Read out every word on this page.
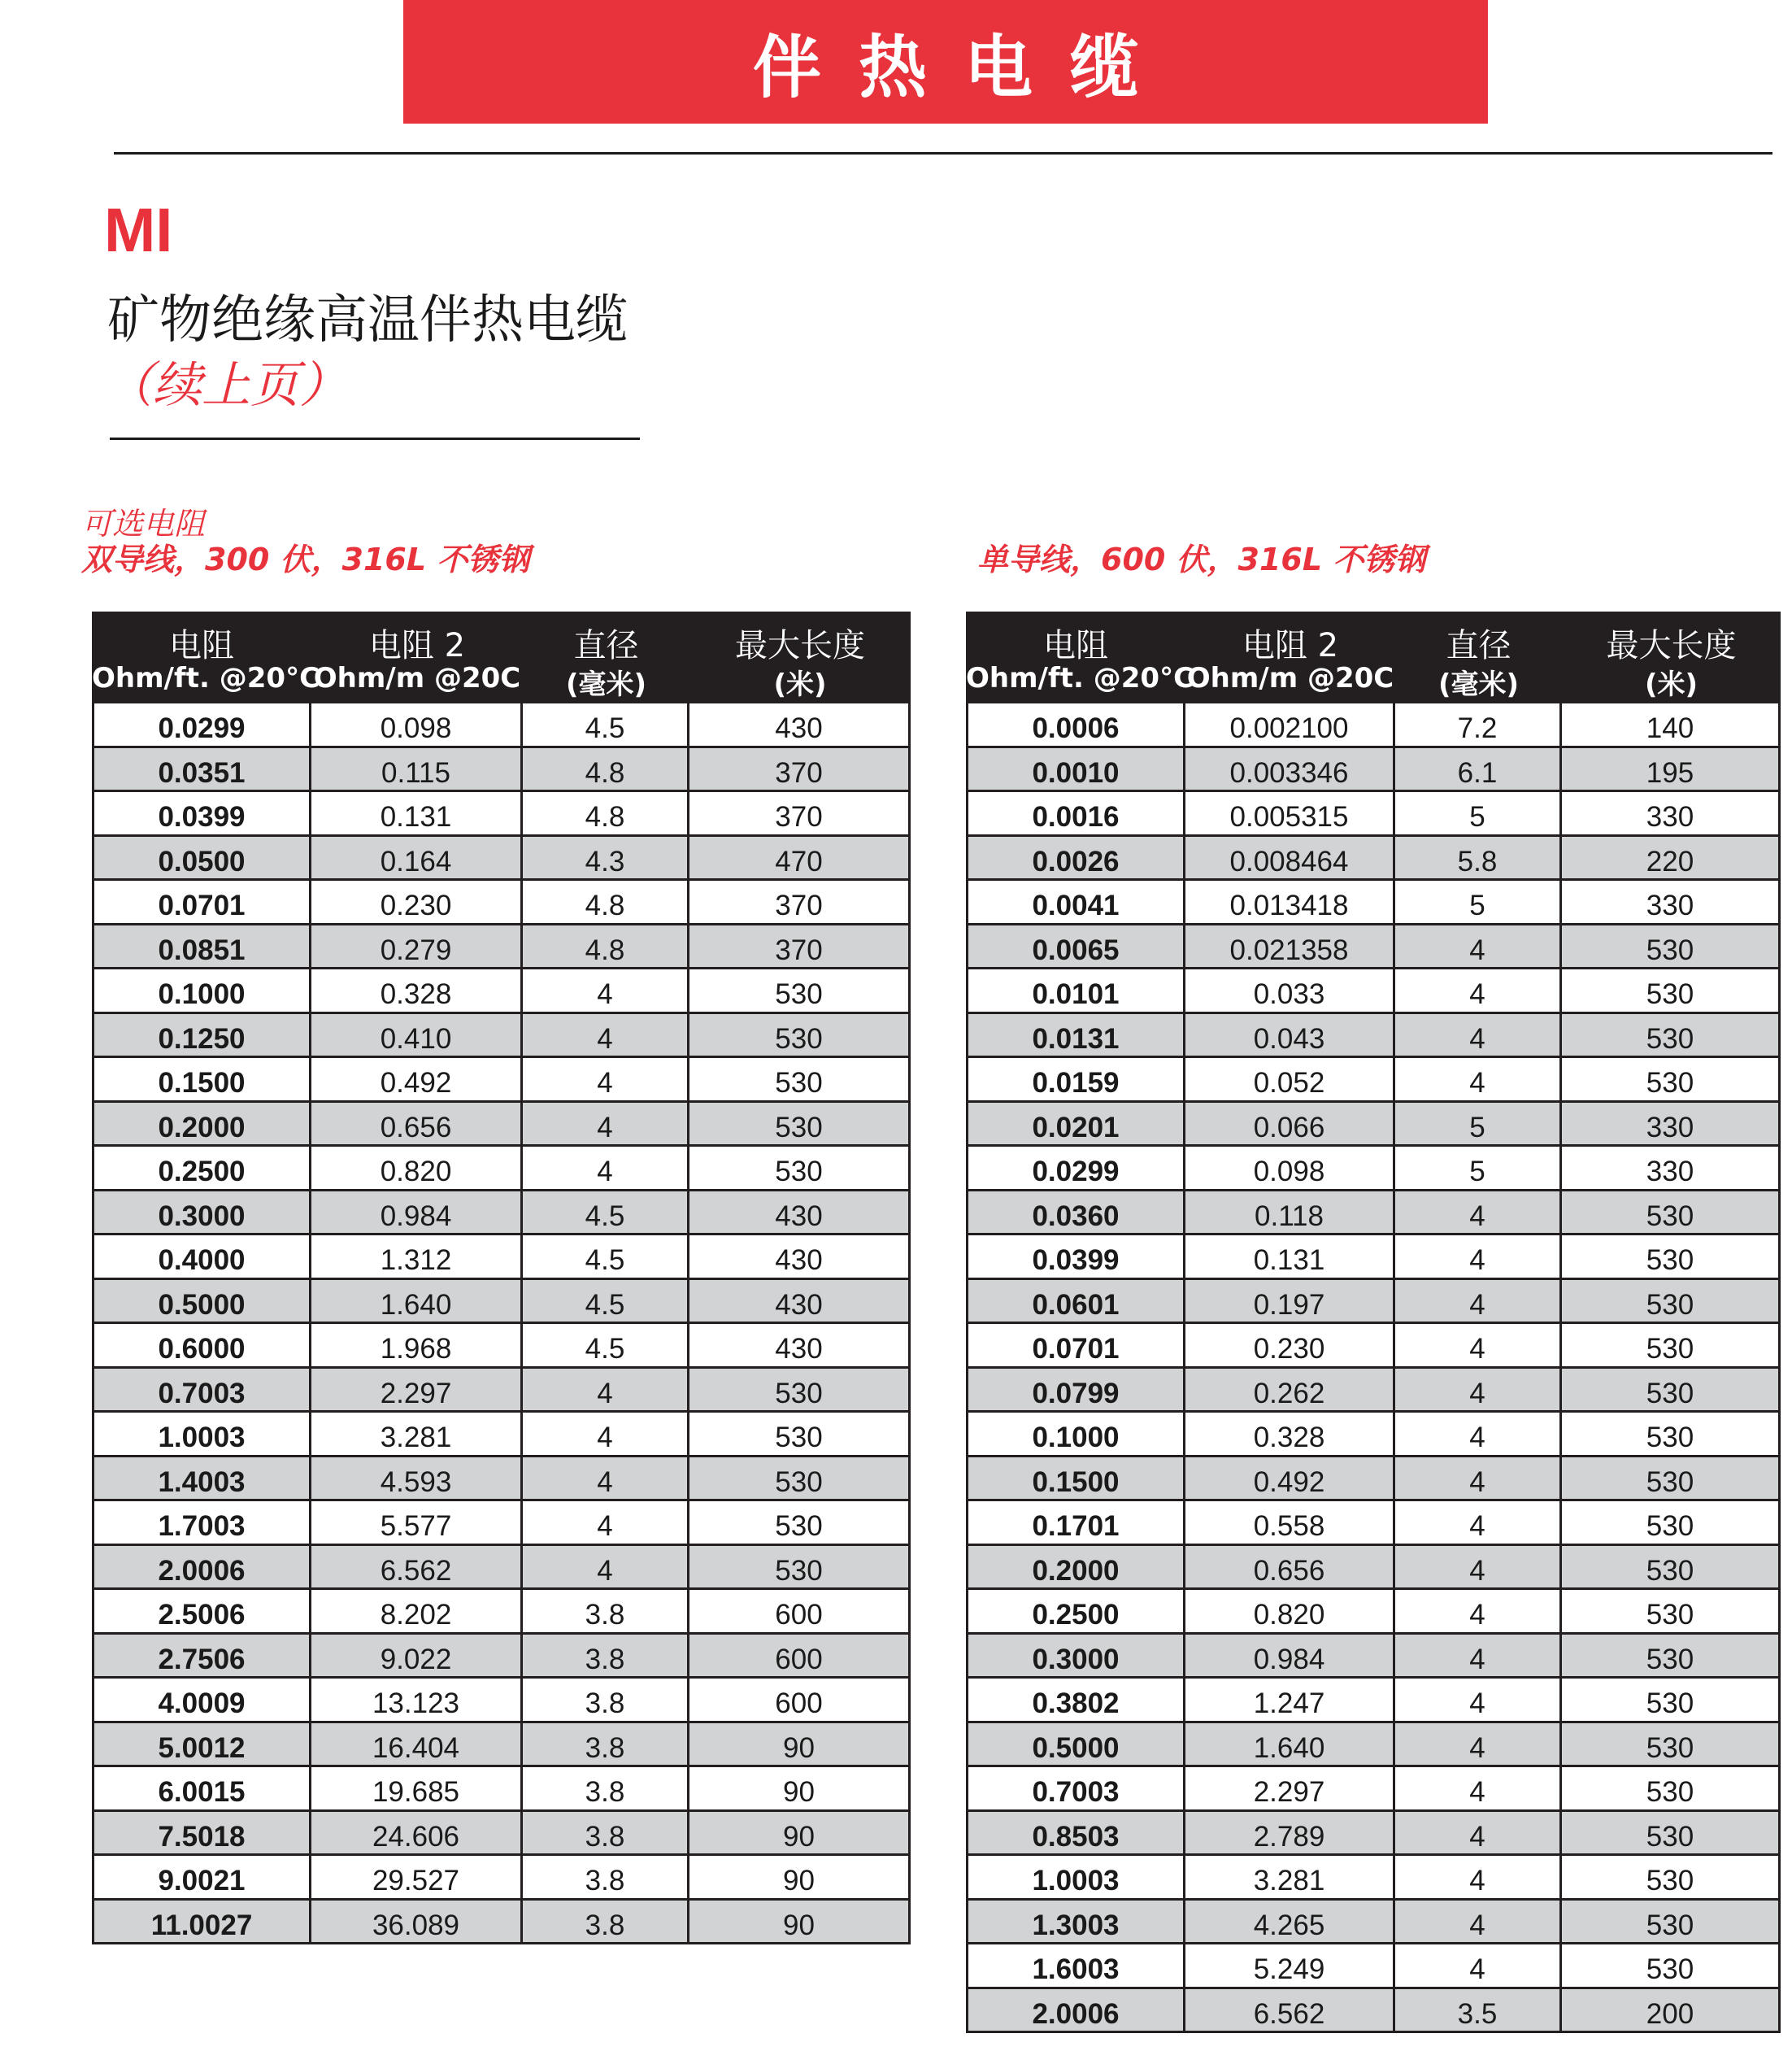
伴热电缆
MI
矿物绝缘高温伴热电缆
（续上页）
可选电阻
双导线，300 伏，316L 不锈钢	单导线，600 伏，316L 不锈钢
电阻
Ohm/ft. @20°C
电阻 2
Ohm/m @20C
直径
(毫米)
最大长度
(米)
0.0299	0.098	4.5	430
0.0351	0.115	4.8	370
0.0399	0.131	4.8	370
0.0500	0.164	4.3	470
0.0701	0.230	4.8	370
0.0851	0.279	4.8	370
0.1000	0.328	4	530
0.1250	0.410	4	530
0.1500	0.492	4	530
0.2000	0.656	4	530
0.2500	0.820	4	530
0.3000	0.984	4.5	430
0.4000	1.312	4.5	430
0.5000	1.640	4.5	430
0.6000	1.968	4.5	430
0.7003	2.297	4	530
1.0003	3.281	4	530
1.4003	4.593	4	530
1.7003	5.577	4	530
2.0006	6.562	4	530
2.5006	8.202	3.8	600
2.7506	9.022	3.8	600
4.0009	13.123	3.8	600
5.0012	16.404	3.8	90
6.0015	19.685	3.8	90
7.5018	24.606	3.8	90
9.0021	29.527	3.8	90
11.0027	36.089	3.8	90
电阻
Ohm/ft. @20°C
电阻 2
Ohm/m @20C
直径
(毫米)
最大长度
(米)
0.0006	0.002100	7.2	140
0.0010	0.003346	6.1	195
0.0016	0.005315	5	330
0.0026	0.008464	5.8	220
0.0041	0.013418	5	330
0.0065	0.021358	4	530
0.0101	0.033	4	530
0.0131	0.043	4	530
0.0159	0.052	4	530
0.0201	0.066	5	330
0.0299	0.098	5	330
0.0360	0.118	4	530
0.0399	0.131	4	530
0.0601	0.197	4	530
0.0701	0.230	4	530
0.0799	0.262	4	530
0.1000	0.328	4	530
0.1500	0.492	4	530
0.1701	0.558	4	530
0.2000	0.656	4	530
0.2500	0.820	4	530
0.3000	0.984	4	530
0.3802	1.247	4	530
0.5000	1.640	4	530
0.7003	2.297	4	530
0.8503	2.789	4	530
1.0003	3.281	4	530
1.3003	4.265	4	530
1.6003	5.249	4	530
2.0006	6.562	3.5	200
